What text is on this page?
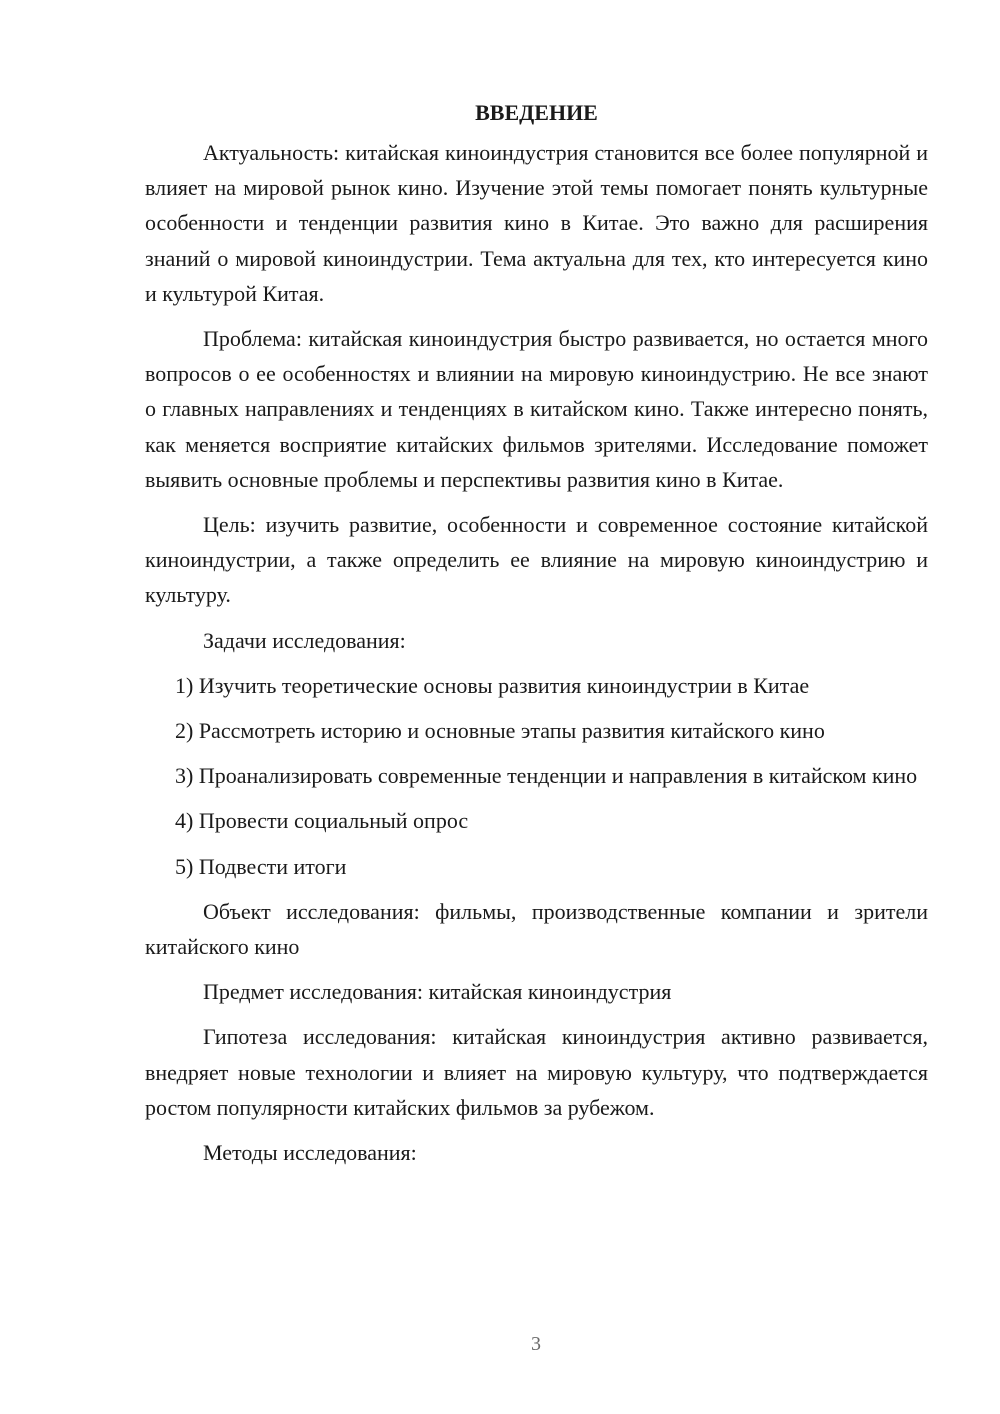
ВВЕДЕНИЕ

Актуальность: китайская киноиндустрия становится все более популярной и влияет на мировой рынок кино. Изучение этой темы помогает понять культурные особенности и тенденции развития кино в Китае. Это важно для расширения знаний о мировой киноиндустрии. Тема актуальна для тех, кто интересуется кино и культурой Китая.

Проблема: китайская киноиндустрия быстро развивается, но остается много вопросов о ее особенностях и влиянии на мировую киноиндустрию. Не все знают о главных направлениях и тенденциях в китайском кино. Также интересно понять, как меняется восприятие китайских фильмов зрителями. Исследование поможет выявить основные проблемы и перспективы развития кино в Китае.

Цель: изучить развитие, особенности и современное состояние китайской киноиндустрии, а также определить ее влияние на мировую киноиндустрию и культуру.

Задачи исследования:

1) Изучить теоретические основы развития киноиндустрии в Китае

2) Рассмотреть историю и основные этапы развития китайского кино

3) Проанализировать современные тенденции и направления в китайском кино

4) Провести социальный опрос

5) Подвести итоги

Объект исследования: фильмы, производственные компании и зрители китайского кино

Предмет исследования: китайская киноиндустрия

Гипотеза исследования: китайская киноиндустрия активно развивается, внедряет новые технологии и влияет на мировую культуру, что подтверждается ростом популярности китайских фильмов за рубежом.

Методы исследования:

3
